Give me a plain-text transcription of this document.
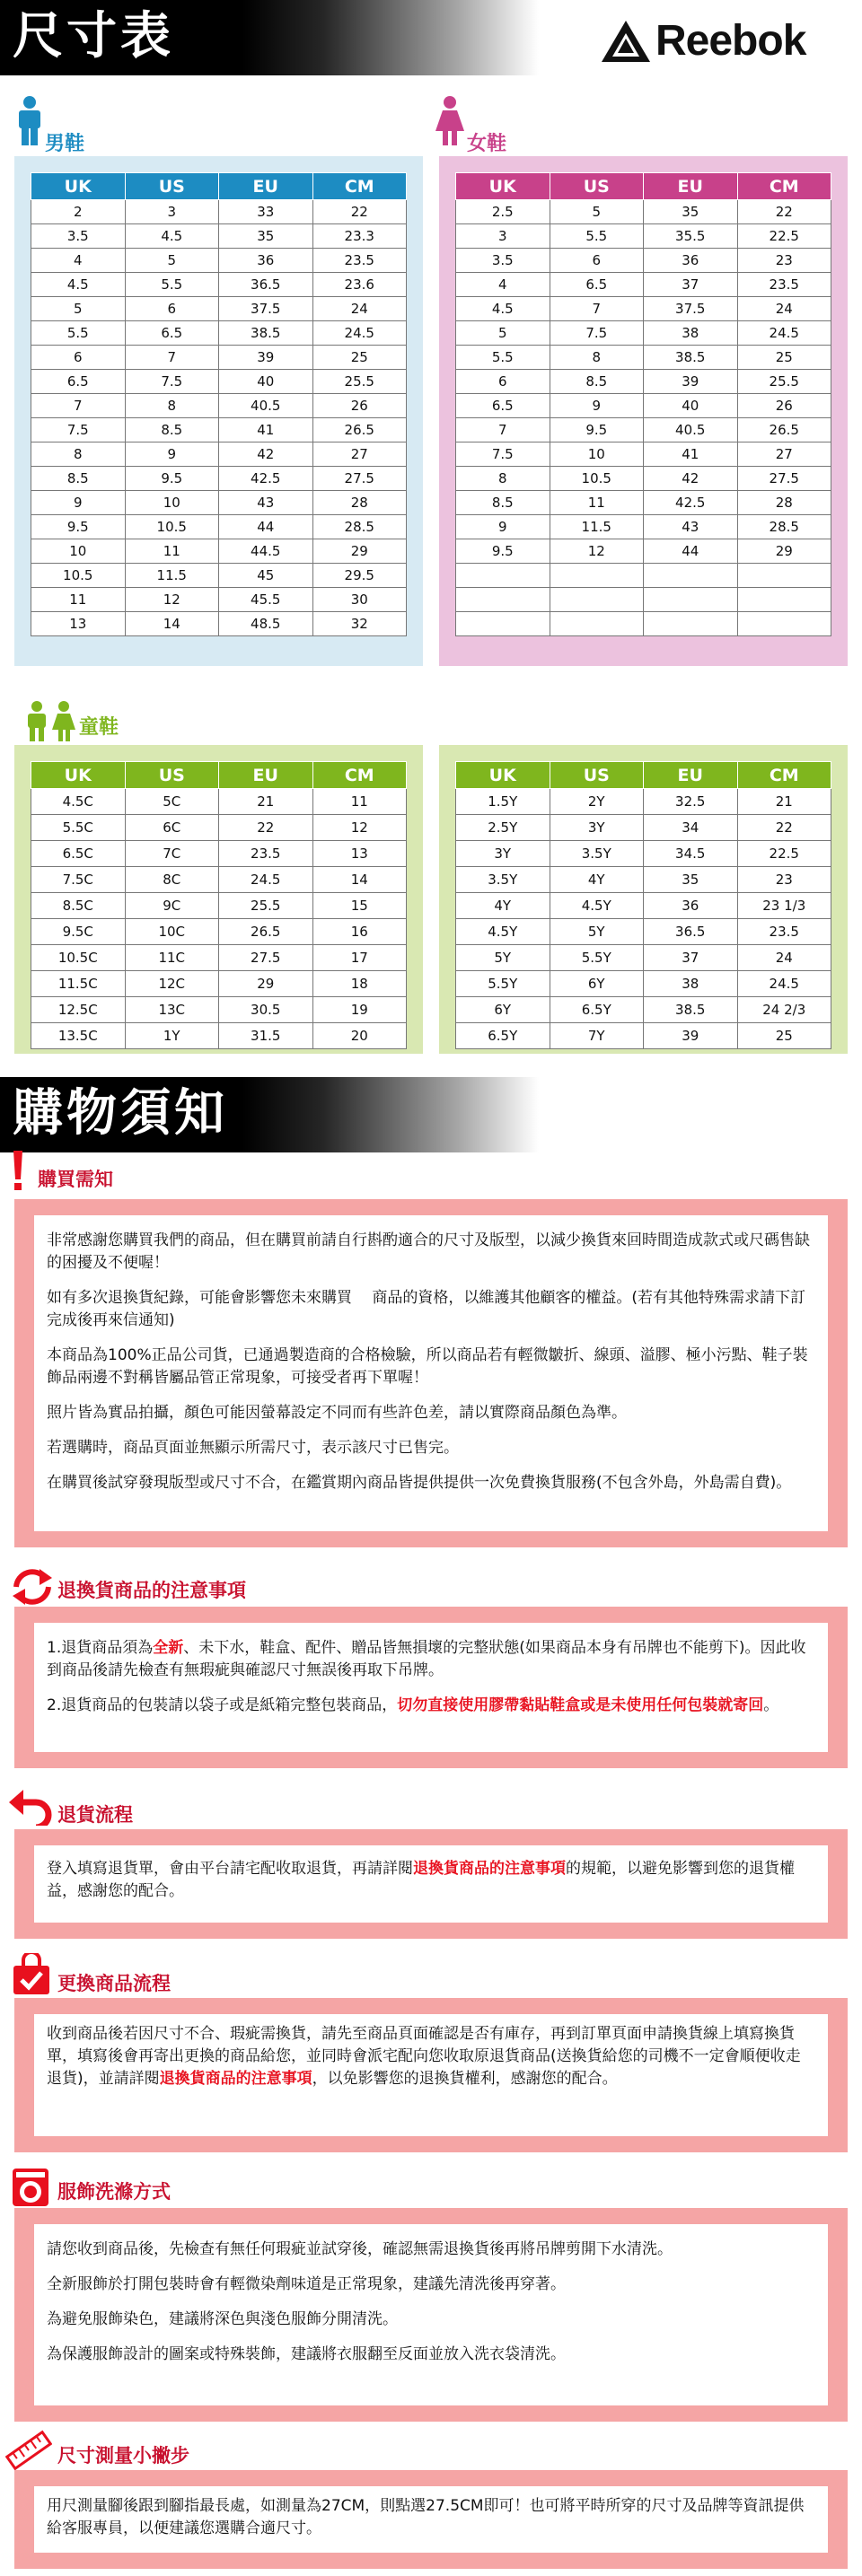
尺寸表	Reebok
男鞋
UK	US	EU	CM
2	3	33	22
3.5	4.5	35	23.3
4	5	36	23.5
4.5	5.5	36.5	23.6
5	6	37.5	24
5.5	6.5	38.5	24.5
6	7	39	25
6.5	7.5	40	25.5
7	8	40.5	26
7.5	8.5	41	26.5
8	9	42	27
8.5	9.5	42.5	27.5
9	10	43	28
9.5	10.5	44	28.5
10	11	44.5	29
10.5	11.5	45	29.5
11	12	45.5	30
13	14	48.5	32
女鞋
UK	US	EU	CM
2.5	5	35	22
3	5.5	35.5	22.5
3.5	6	36	23
4	6.5	37	23.5
4.5	7	37.5	24
5	7.5	38	24.5
5.5	8	38.5	25
6	8.5	39	25.5
6.5	9	40	26
7	9.5	40.5	26.5
7.5	10	41	27
8	10.5	42	27.5
8.5	11	42.5	28
9	11.5	43	28.5
9.5	12	44	29

童鞋
UK	US	EU	CM
4.5C	5C	21	11
5.5C	6C	22	12
6.5C	7C	23.5	13
7.5C	8C	24.5	14
8.5C	9C	25.5	15
9.5C	10C	26.5	16
10.5C	11C	27.5	17
11.5C	12C	29	18
12.5C	13C	30.5	19
13.5C	1Y	31.5	20
UK	US	EU	CM
1.5Y	2Y	32.5	21
2.5Y	3Y	34	22
3Y	3.5Y	34.5	22.5
3.5Y	4Y	35	23
4Y	4.5Y	36	23 1/3
4.5Y	5Y	36.5	23.5
5Y	5.5Y	37	24
5.5Y	6Y	38	24.5
6Y	6.5Y	38.5	24 2/3
6.5Y	7Y	39	25
購物須知
購買需知

非常感謝您購買我們的商品，但在購買前請自行斟酌適合的尺寸及版型，以減少換貨來回時間造成款式或尺碼售缺的困擾及不便喔！

如有多次退換貨紀錄，可能會影響您未來購買　 商品的資格，以維護其他顧客的權益。(若有其他特殊需求請下訂完成後再來信通知)

本商品為100%正品公司貨，已通過製造商的合格檢驗，所以商品若有輕微皺折、線頭、溢膠、極小污點、鞋子裝飾品兩邊不對稱皆屬品管正常現象，可接受者再下單喔！

照片皆為實品拍攝，顏色可能因螢幕設定不同而有些許色差，請以實際商品顏色為準。

若選購時，商品頁面並無顯示所需尺寸，表示該尺寸已售完。

在購買後試穿發現版型或尺寸不合，在鑑賞期內商品皆提供提供一次免費換貨服務(不包含外島，外島需自費)。

退換貨商品的注意事項

1.退貨商品須為全新、未下水，鞋盒、配件、贈品皆無損壞的完整狀態(如果商品本身有吊牌也不能剪下)。因此收到商品後請先檢查有無瑕疵與確認尺寸無誤後再取下吊牌。

2.退貨商品的包裝請以袋子或是紙箱完整包裝商品，切勿直接使用膠帶黏貼鞋盒或是未使用任何包裝就寄回。

退貨流程
登入填寫退貨單，會由平台請宅配收取退貨，再請詳閱退換貨商品的注意事項的規範，以避免影響到您的退貨權益，感謝您的配合。
更換商品流程
收到商品後若因尺寸不合、瑕疵需換貨，請先至商品頁面確認是否有庫存，再到訂單頁面申請換貨線上填寫換貨單，填寫後會再寄出更換的商品給您，並同時會派宅配向您收取原退貨商品(送換貨給您的司機不一定會順便收走退貨)，並請詳閱退換貨商品的注意事項，以免影響您的退換貨權利，感謝您的配合。
服飾洗滌方式

請您收到商品後，先檢查有無任何瑕疵並試穿後，確認無需退換貨後再將吊牌剪開下水清洗。

全新服飾於打開包裝時會有輕微染劑味道是正常現象，建議先清洗後再穿著。

為避免服飾染色，建議將深色與淺色服飾分開清洗。

為保護服飾設計的圖案或特殊裝飾，建議將衣服翻至反面並放入洗衣袋清洗。

尺寸測量小撇步
用尺測量腳後跟到腳指最長處，如測量為27CM，則點選27.5CM即可！也可將平時所穿的尺寸及品牌等資訊提供給客服專員，以便建議您選購合適尺寸。
